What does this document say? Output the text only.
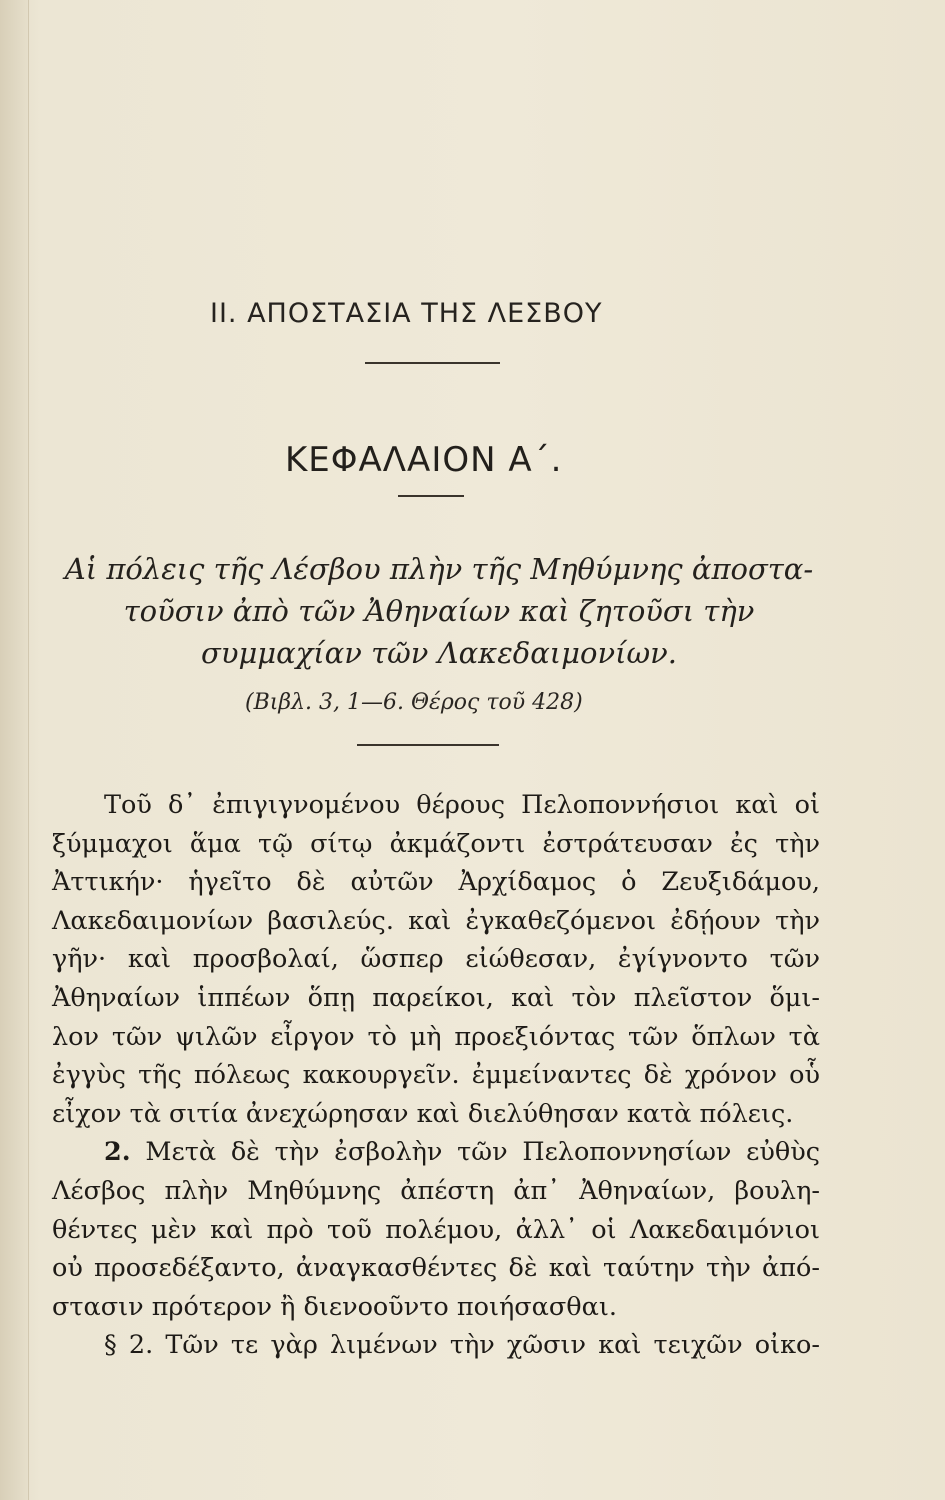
II. ΑΠΟΣΤΑΣΙΑ ΤΗΣ ΛΕΣΒΟΥ
ΚΕΦΑΛΑΙΟΝ Α΄.
Αἱ πόλεις τῆς Λέσβου πλὴν τῆς Μηθύμνης ἀποστα-
τοῦσιν ἀπὸ τῶν Ἀθηναίων καὶ ζητοῦσι τὴν
συμμαχίαν τῶν Λακεδαιμονίων.
(Βιβλ. 3, 1—6. Θέρος τοῦ 428)
Τοῦ δ᾽ ἐπιγιγνομένου θέρους Πελοποννήσιοι καὶ οἱ
ξύμμαχοι ἅμα τῷ σίτῳ ἀκμάζοντι ἐστράτευσαν ἐς τὴν
Ἀττικήν· ἡγεῖτο δὲ αὐτῶν Ἀρχίδαμος ὁ Ζευξιδάμου,
Λακεδαιμονίων βασιλεύς. καὶ ἐγκαθεζόμενοι ἐδῄουν τὴν
γῆν· καὶ προσβολαί, ὥσπερ εἰώθεσαν, ἐγίγνοντο τῶν
Ἀθηναίων ἱππέων ὅπῃ παρείκοι, καὶ τὸν πλεῖστον ὅμι-
λον τῶν ψιλῶν εἶργον τὸ μὴ προεξιόντας τῶν ὅπλων τὰ
ἐγγὺς τῆς πόλεως κακουργεῖν. ἐμμείναντες δὲ χρόνον οὗ
εἶχον τὰ σιτία ἀνεχώρησαν καὶ διελύθησαν κατὰ πόλεις.
2. Μετὰ δὲ τὴν ἐσβολὴν τῶν Πελοποννησίων εὐθὺς
Λέσβος πλὴν Μηθύμνης ἀπέστη ἀπ᾽ Ἀθηναίων, βουλη-
θέντες μὲν καὶ πρὸ τοῦ πολέμου, ἀλλ᾽ οἱ Λακεδαιμόνιοι
οὐ προσεδέξαντο, ἀναγκασθέντες δὲ καὶ ταύτην τὴν ἀπό-
στασιν πρότερον ἢ διενοοῦντο ποιήσασθαι.
§ 2. Τῶν τε γὰρ λιμένων τὴν χῶσιν καὶ τειχῶν οἰκο-
